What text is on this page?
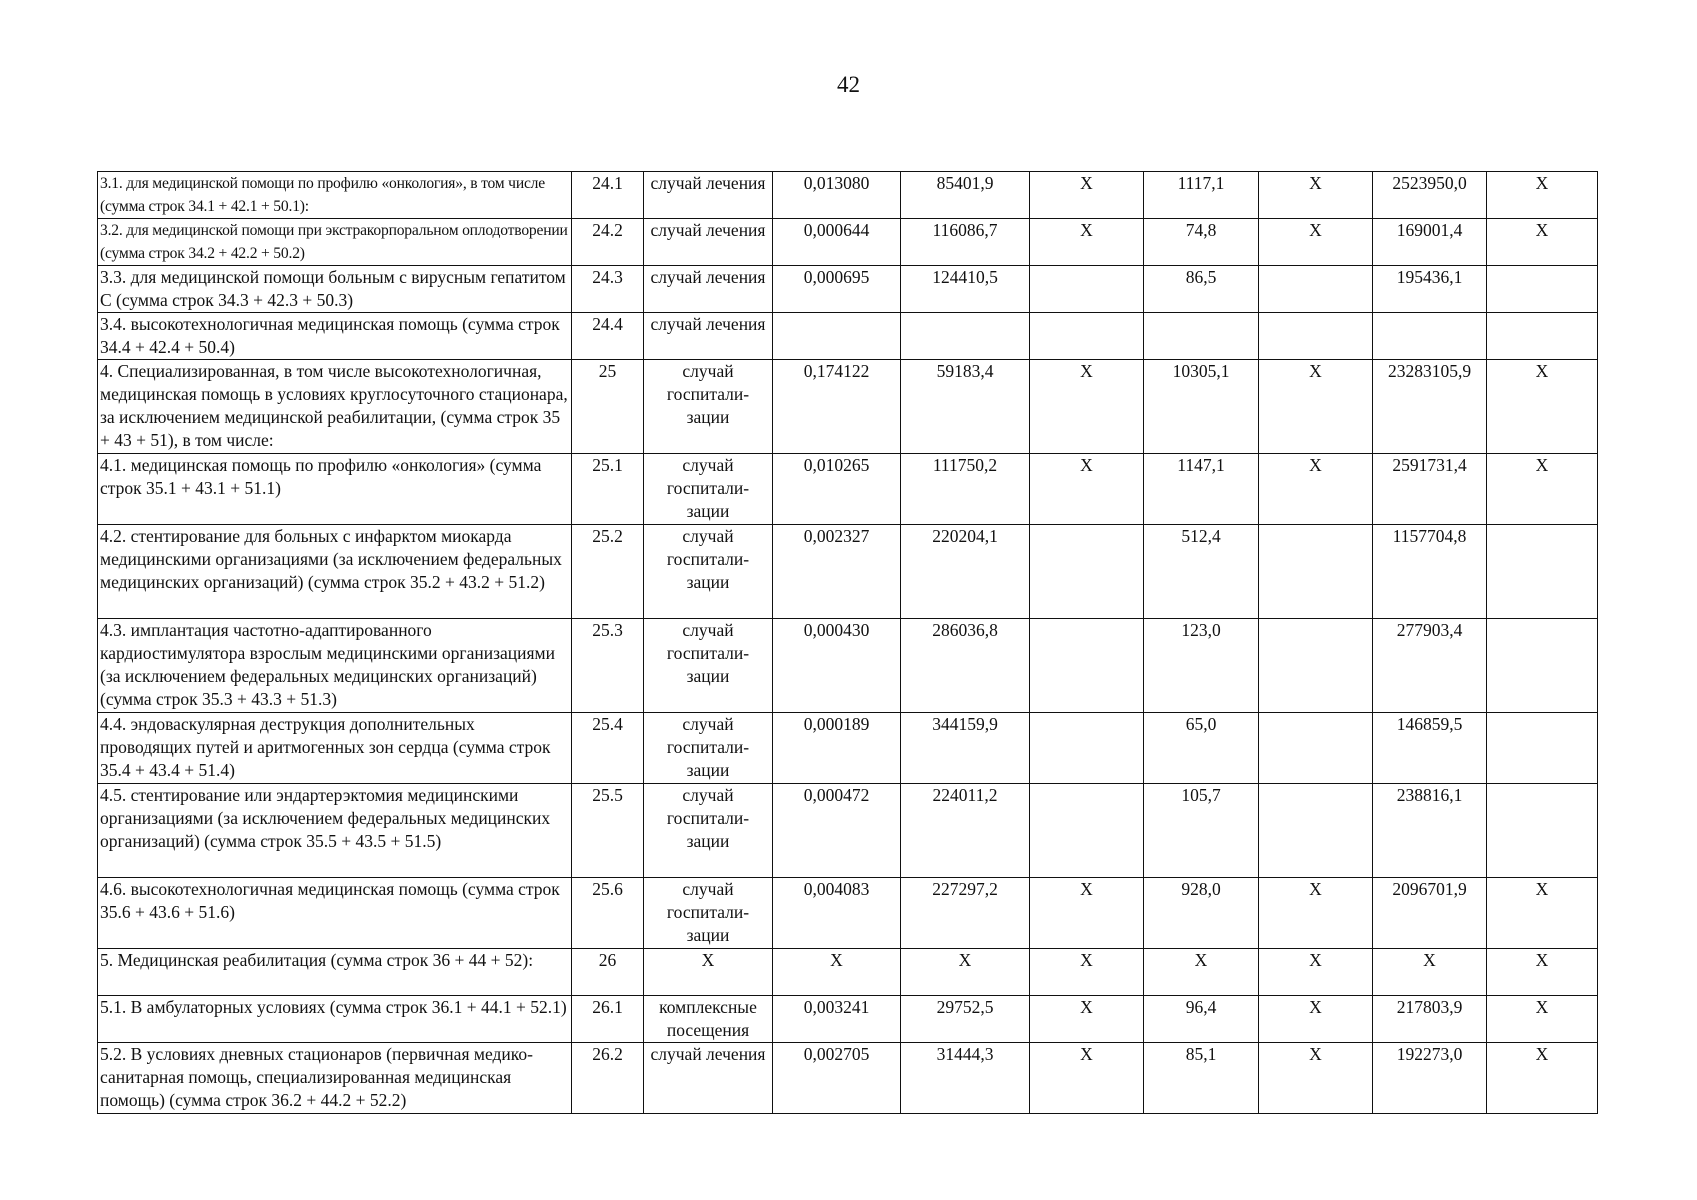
42
3.1. для медицинской помощи по профилю «онкология», в том числе (сумма строк 34.1 + 42.1 + 50.1):	24.1	случай лечения	0,013080	85401,9	X	1117,1	X	2523950,0	X
3.2. для медицинской помощи при экстракорпоральном оплодотворении (сумма строк 34.2 + 42.2 + 50.2)	24.2	случай лечения	0,000644	116086,7	X	74,8	X	169001,4	X
3.3. для медицинской помощи больным с вирусным гепатитом С (сумма строк 34.3 + 42.3 + 50.3)	24.3	случай лечения	0,000695	124410,5		86,5		195436,1	
3.4. высокотехнологичная медицинская помощь (сумма строк 34.4 + 42.4 + 50.4)	24.4	случай лечения							
4. Специализированная, в том числе высокотехнологичная, медицинская помощь в условиях круглосуточного стационара, за исключением медицинской реабилитации, (сумма строк 35 + 43 + 51), в том числе:	25	случай госпитали-зации	0,174122	59183,4	X	10305,1	X	23283105,9	X
4.1. медицинская помощь по профилю «онкология» (сумма строк 35.1 + 43.1 + 51.1)	25.1	случай госпитали-зации	0,010265	111750,2	X	1147,1	X	2591731,4	X
4.2. стентирование для больных с инфарктом миокарда медицинскими организациями (за исключением федеральных медицинских организаций) (сумма строк 35.2 + 43.2 + 51.2)	25.2	случай госпитали-зации	0,002327	220204,1		512,4		1157704,8	
4.3. имплантация частотно-адаптированного кардиостимулятора взрослым медицинскими организациями (за исключением федеральных медицинских организаций) (сумма строк 35.3 + 43.3 + 51.3)	25.3	случай госпитали-зации	0,000430	286036,8		123,0		277903,4	
4.4. эндоваскулярная деструкция дополнительных проводящих путей и аритмогенных зон сердца (сумма строк 35.4 + 43.4 + 51.4)	25.4	случай госпитали-зации	0,000189	344159,9		65,0		146859,5	
4.5. стентирование или эндартерэктомия медицинскими организациями (за исключением федеральных медицинских организаций) (сумма строк 35.5 + 43.5 + 51.5)	25.5	случай госпитали-зации	0,000472	224011,2		105,7		238816,1	
4.6. высокотехнологичная медицинская помощь (сумма строк 35.6 + 43.6 + 51.6)	25.6	случай госпитали-зации	0,004083	227297,2	X	928,0	X	2096701,9	X
5. Медицинская реабилитация (сумма строк 36 + 44 + 52):	26	X	X	X	X	X	X	X	X
5.1. В амбулаторных условиях (сумма строк 36.1 + 44.1 + 52.1)	26.1	комплексные посещения	0,003241	29752,5	X	96,4	X	217803,9	X
5.2. В условиях дневных стационаров (первичная медико-санитарная помощь, специализированная медицинская помощь) (сумма строк 36.2 + 44.2 + 52.2)	26.2	случай лечения	0,002705	31444,3	X	85,1	X	192273,0	X
